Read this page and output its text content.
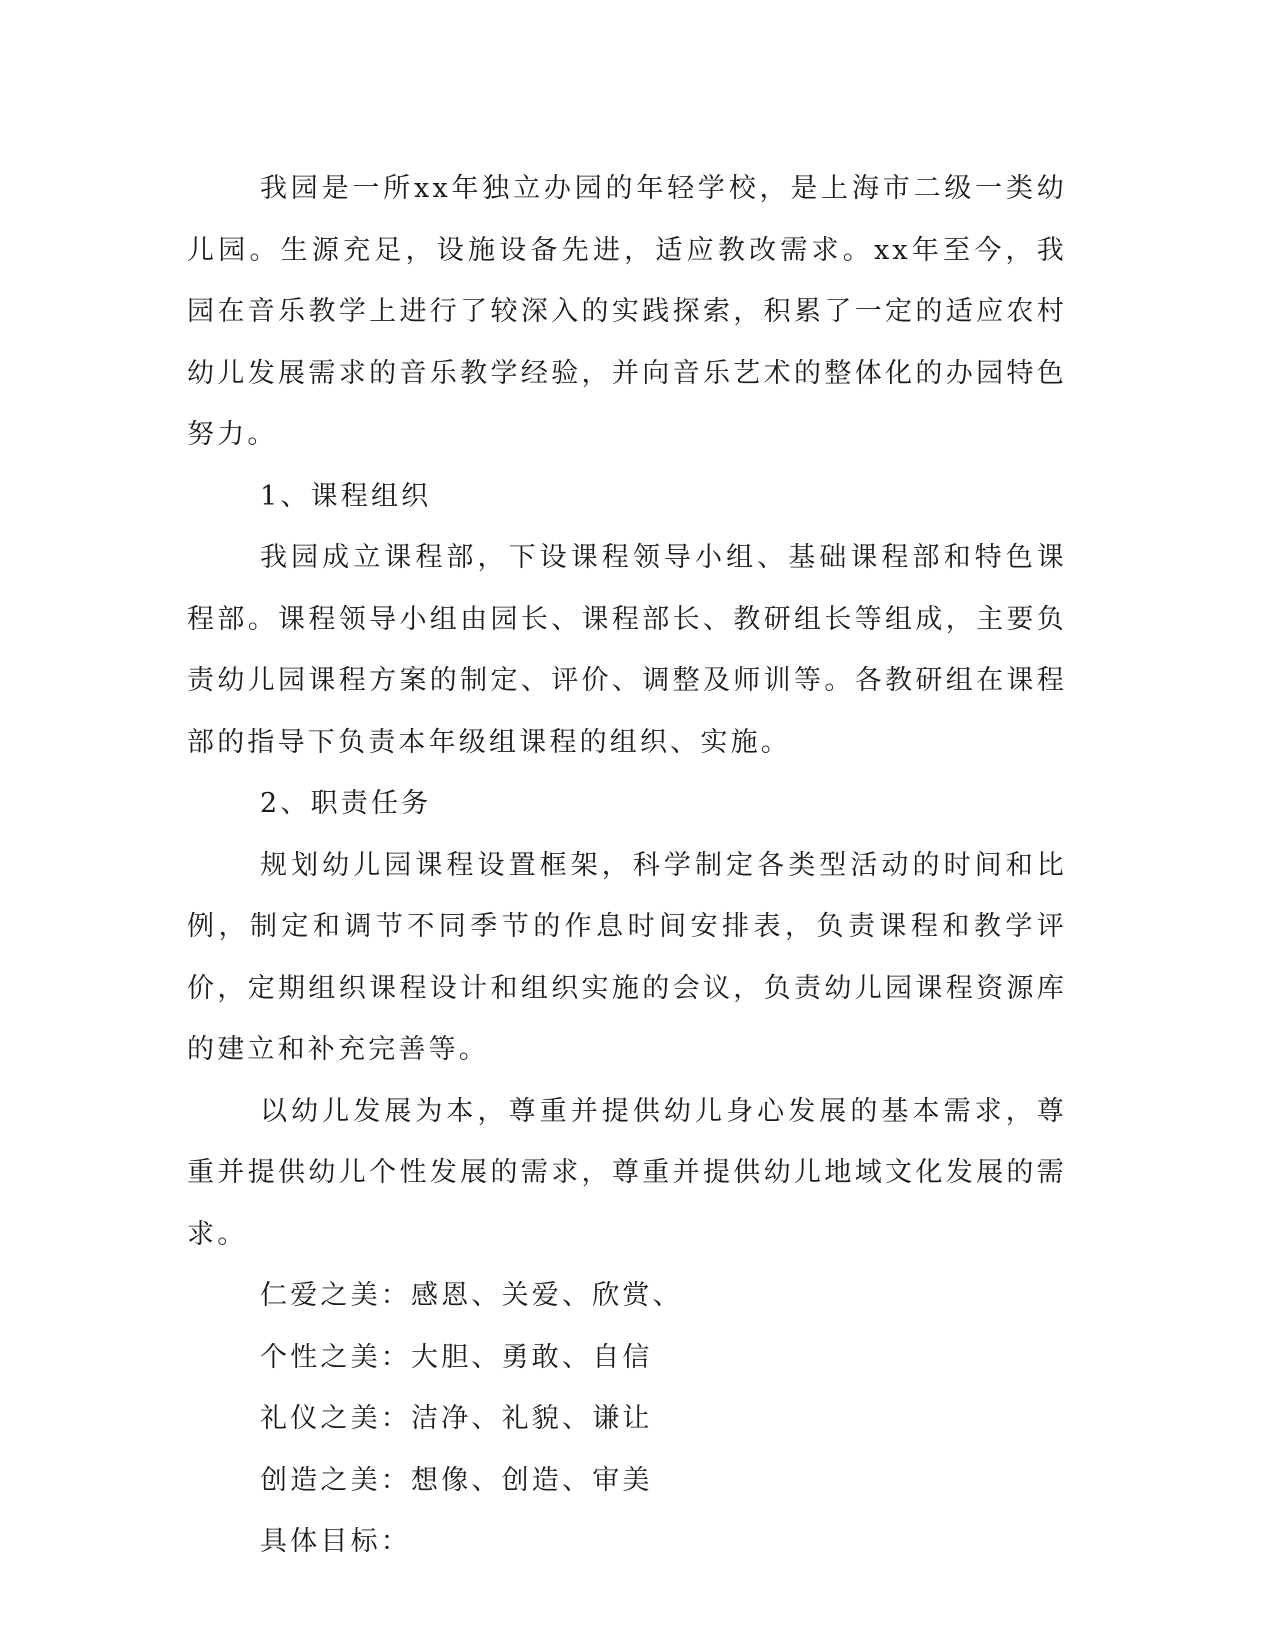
我园是一所xx年独立办园的年轻学校，是上海市二级一类幼儿园。生源充足，设施设备先进，适应教改需求。xx年至今，我园在音乐教学上进行了较深入的实践探索，积累了一定的适应农村幼儿发展需求的音乐教学经验，并向音乐艺术的整体化的办园特色努力。

1、课程组织

我园成立课程部，下设课程领导小组、基础课程部和特色课程部。课程领导小组由园长、课程部长、教研组长等组成，主要负责幼儿园课程方案的制定、评价、调整及师训等。各教研组在课程部的指导下负责本年级组课程的组织、实施。

2、职责任务

规划幼儿园课程设置框架，科学制定各类型活动的时间和比例，制定和调节不同季节的作息时间安排表，负责课程和教学评价，定期组织课程设计和组织实施的会议，负责幼儿园课程资源库的建立和补充完善等。

以幼儿发展为本，尊重并提供幼儿身心发展的基本需求，尊重并提供幼儿个性发展的需求，尊重并提供幼儿地域文化发展的需求。

仁爱之美：感恩、关爱、欣赏、

个性之美：大胆、勇敢、自信

礼仪之美：洁净、礼貌、谦让

创造之美：想像、创造、审美

具体目标：
